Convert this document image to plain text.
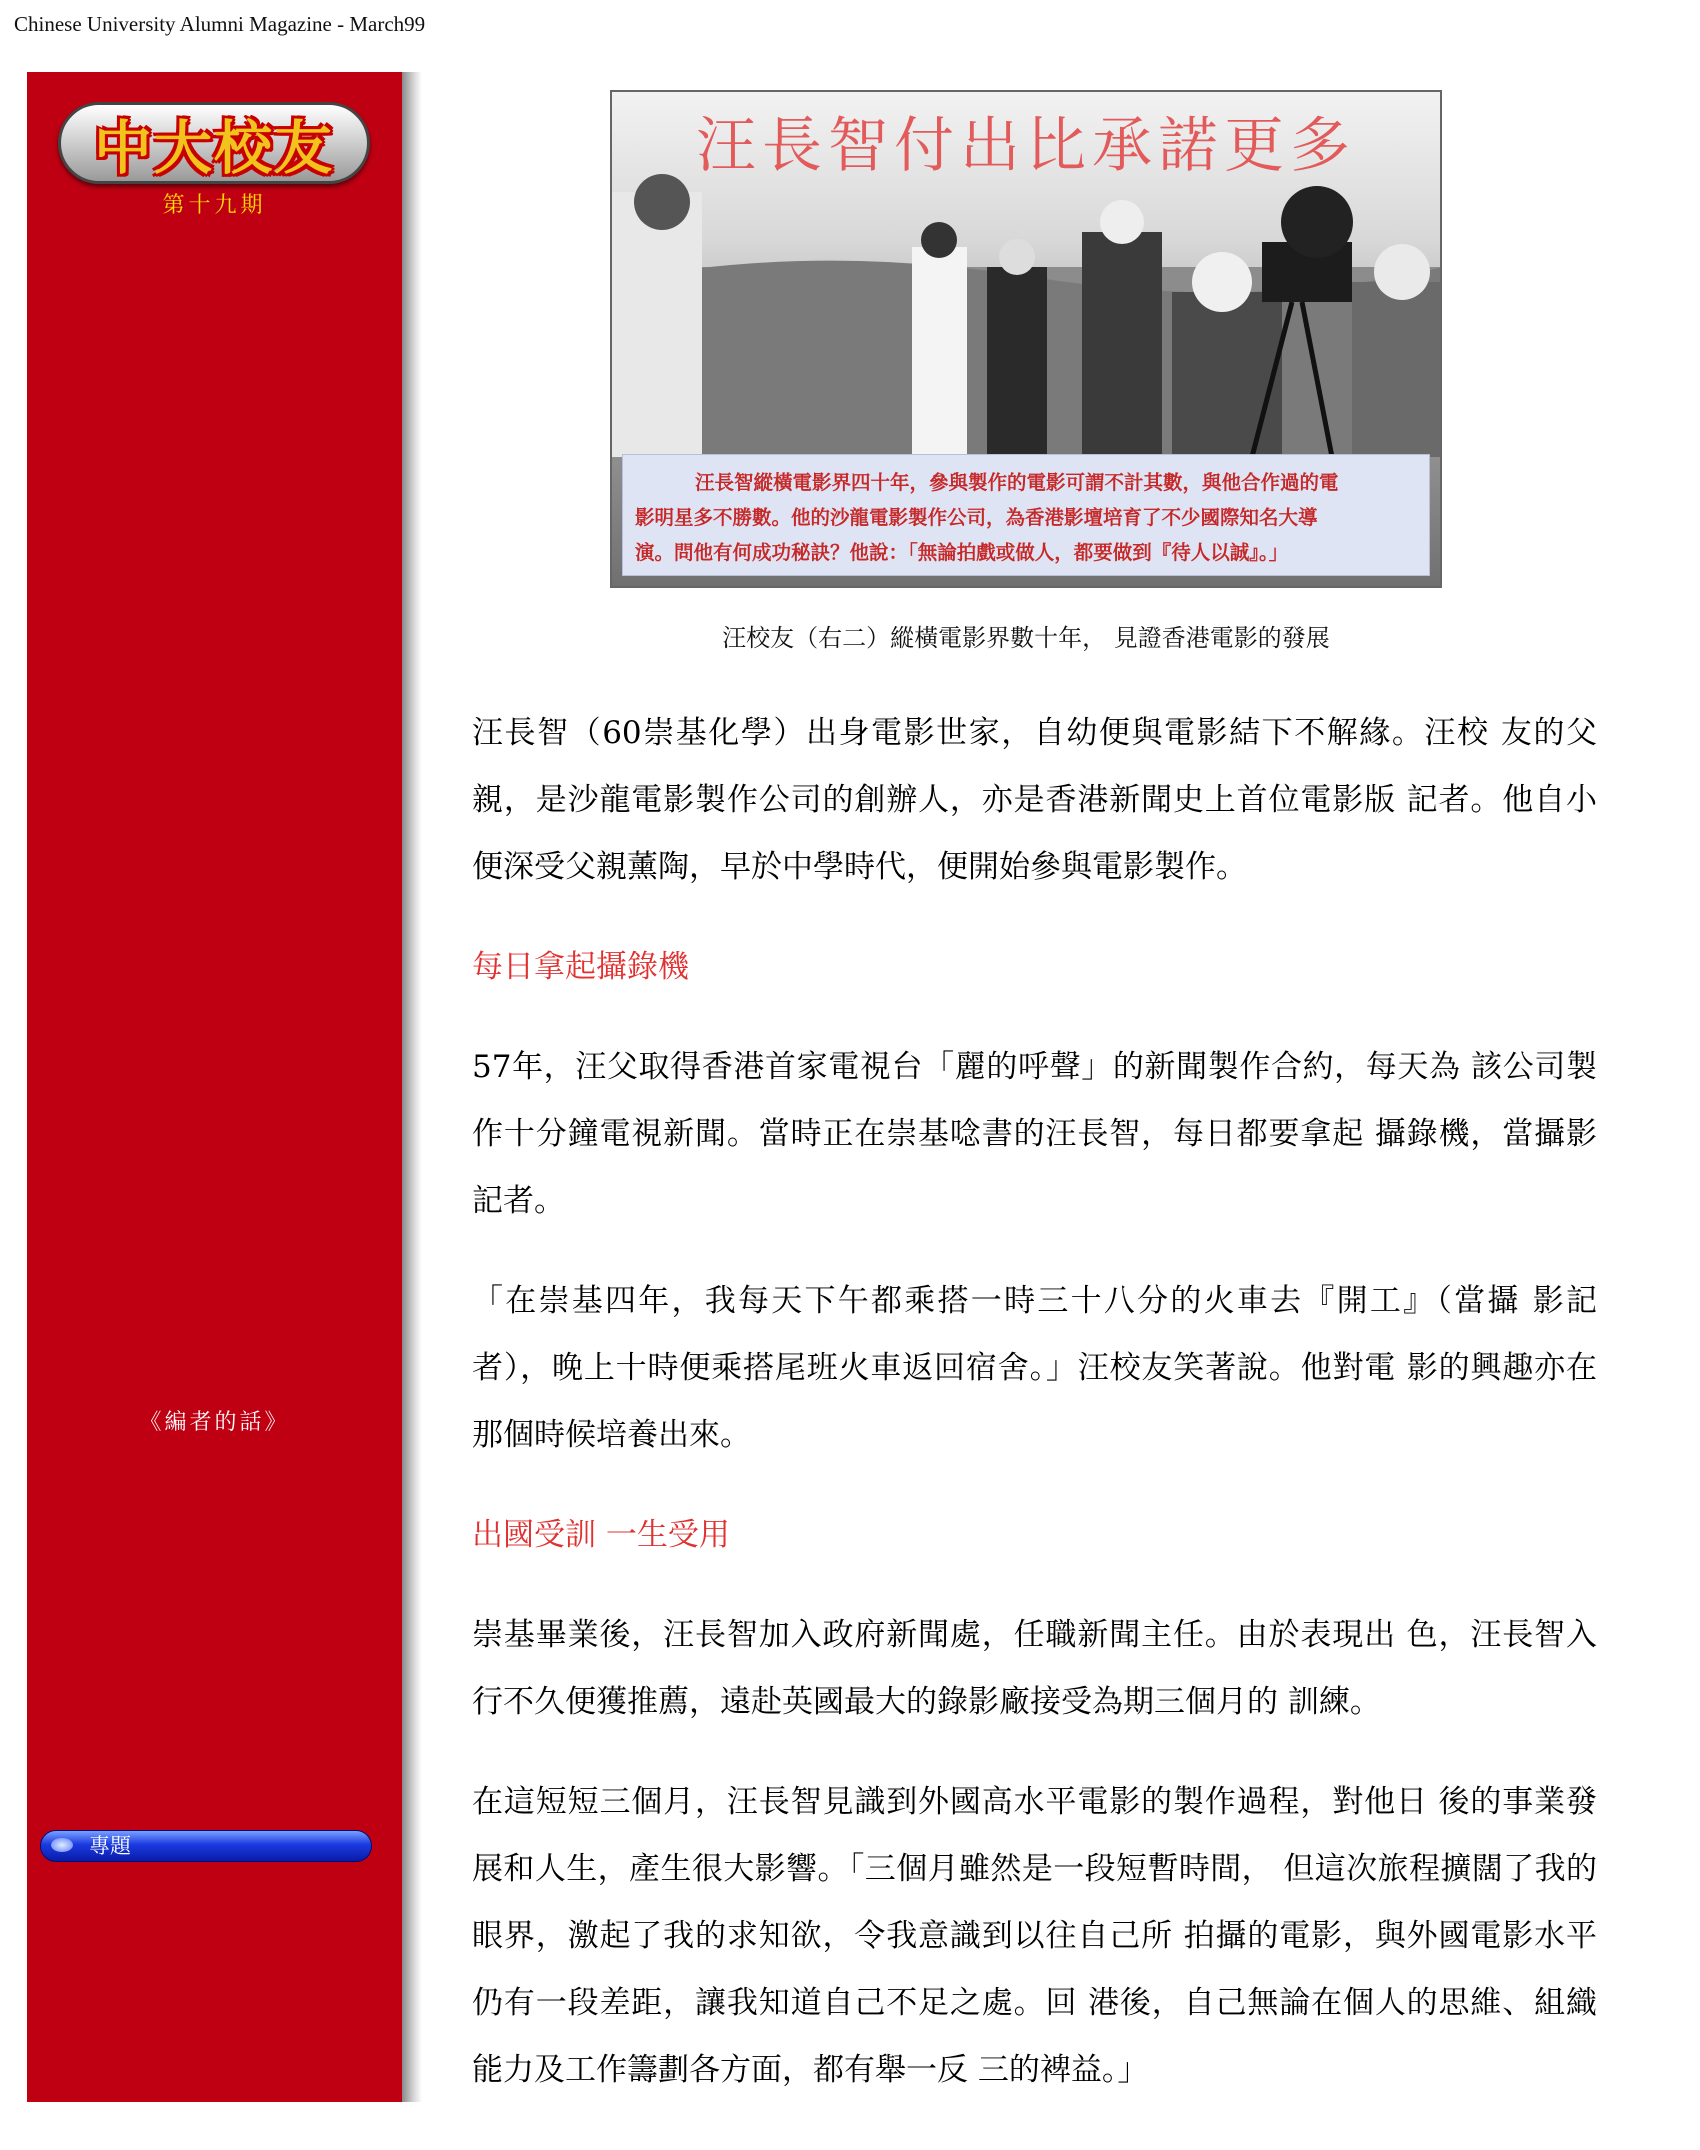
Chinese University Alumni Magazine - March99
中大校友
第十九期
《編者的話》
專題
汪長智付出比承諾更多
汪長智縱橫電影界四十年，參與製作的電影可謂不計其數，與他合作過的電
影明星多不勝數。他的沙龍電影製作公司，為香港影壇培育了不少國際知名大導
演。問他有何成功秘訣？他說：「無論拍戲或做人，都要做到『待人以誠』。」
汪校友（右二）縱橫電影界數十年， 見證香港電影的發展

汪長智（60崇基化學）出身電影世家，自幼便與電影結下不解緣。汪校 友的父親，是沙龍電影製作公司的創辦人，亦是香港新聞史上首位電影版 記者。他自小便深受父親薰陶，早於中學時代，便開始參與電影製作。

每日拿起攝錄機

57年，汪父取得香港首家電視台「麗的呼聲」的新聞製作合約，每天為 該公司製作十分鐘電視新聞。當時正在崇基唸書的汪長智，每日都要拿起 攝錄機，當攝影記者。

「在崇基四年，我每天下午都乘搭一時三十八分的火車去『開工』（當攝 影記者），晚上十時便乘搭尾班火車返回宿舍。」汪校友笑著說。他對電 影的興趣亦在那個時候培養出來。

出國受訓 一生受用

崇基畢業後，汪長智加入政府新聞處，任職新聞主任。由於表現出 色，汪長智入行不久便獲推薦，遠赴英國最大的錄影廠接受為期三個月的 訓練。

在這短短三個月，汪長智見識到外國高水平電影的製作過程，對他日 後的事業發展和人生，產生很大影響。「三個月雖然是一段短暫時間， 但這次旅程擴闊了我的眼界，激起了我的求知欲，令我意識到以往自己所 拍攝的電影，與外國電影水平仍有一段差距，讓我知道自己不足之處。回 港後，自己無論在個人的思維、組織能力及工作籌劃各方面，都有舉一反 三的裨益。」
